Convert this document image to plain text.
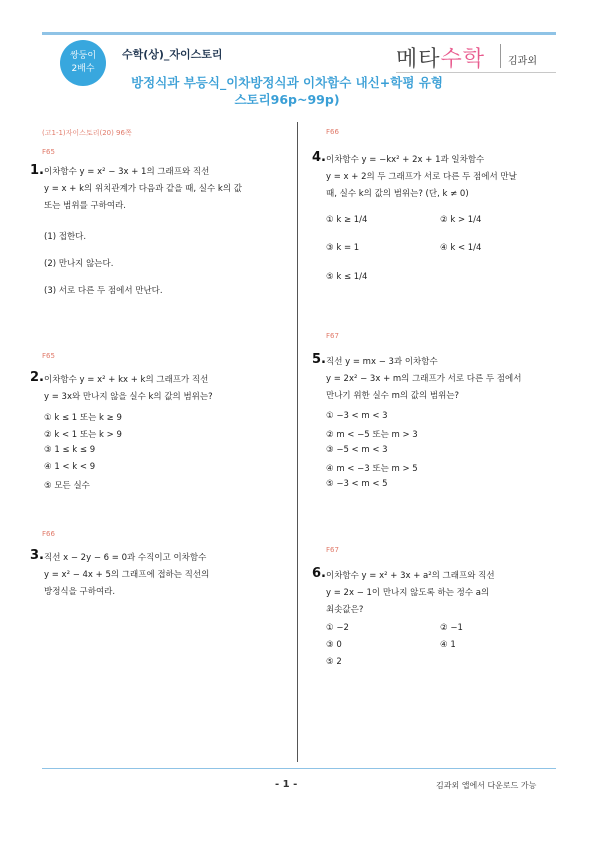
쌍둥이
2배수
수학(상)_자이스토리
방정식과 부등식_이차방정식과 이차함수 내신+학평 유형
스토리96p~99p)
메타수학 김과외
(고1-1)자이스토리(20) 96쪽
F65
1. 이차함수 y = x² − 3x + 1의 그래프와 직선
y = x + k의 위치관계가 다음과 같을 때, 실수 k의 값
또는 범위를 구하여라.
(1) 접한다.
(2) 만나지 않는다.
(3) 서로 다른 두 점에서 만난다.
F65
2. 이차함수 y = x² + kx + k의 그래프가 직선
y = 3x와 만나지 않을 실수 k의 값의 범위는?
① k ≤ 1 또는 k ≥ 9
② k < 1 또는 k > 9
③ 1 ≤ k ≤ 9
④ 1 < k < 9
⑤ 모든 실수
F66
3. 직선 x − 2y − 6 = 0과 수직이고 이차함수
y = x² − 4x + 5의 그래프에 접하는 직선의
방정식을 구하여라.
F66
4. 이차함수 y = −kx² + 2x + 1과 일차함수
y = x + 2의 두 그래프가 서로 다른 두 점에서 만날
때, 실수 k의 값의 범위는? (단, k ≠ 0)
① k ≥ 1/4	② k > 1/4
③ k = 1	④ k < 1/4
⑤ k ≤ 1/4
F67
5. 직선 y = mx − 3과 이차함수
y = 2x² − 3x + m의 그래프가 서로 다른 두 점에서
만나기 위한 실수 m의 값의 범위는?
① −3 < m < 3
② m < −5 또는 m > 3
③ −5 < m < 3
④ m < −3 또는 m > 5
⑤ −3 < m < 5
F67
6. 이차함수 y = x² + 3x + a²의 그래프와 직선
y = 2x − 1이 만나지 않도록 하는 정수 a의
최솟값은?
① −2	② −1
③ 0	④ 1
⑤ 2
- 1 -	김과외 앱에서 다운로드 가능
